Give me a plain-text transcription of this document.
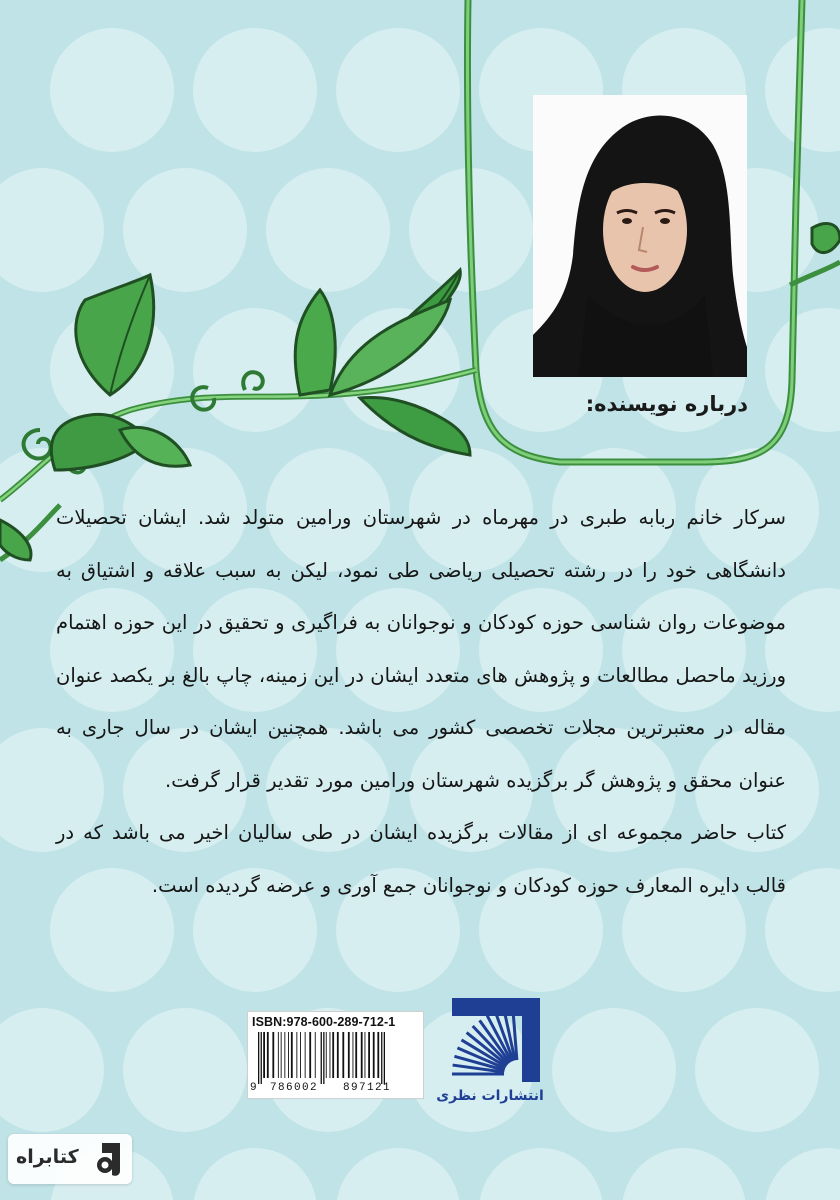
درباره نویسنده:

سرکار خانم ربابه طبری در مهرماه در شهرستان ورامین متولد شد. ایشان تحصیلات دانشگاهی خود را در رشته تحصیلی ریاضی طی نمود، لیکن به سبب علاقه و اشتیاق به موضوعات روان شناسی حوزه کودکان و نوجوانان به فراگیری و تحقیق در این حوزه اهتمام ورزید ماحصل مطالعات و پژوهش های متعدد ایشان در این زمینه، چاپ بالغ بر یکصد عنوان مقاله در معتبرترین مجلات تخصصی کشور می باشد. همچنین ایشان در سال جاری به عنوان محقق و پژوهش گر برگزیده شهرستان ورامین مورد تقدیر قرار گرفت.

کتاب حاضر مجموعه ای از مقالات برگزیده ایشان در طی سالیان اخیر می باشد که در قالب دایره المعارف حوزه کودکان و نوجوانان جمع آوری و عرضه گردیده است.

ISBN:978-600-289-712-1
9 786002 897121	انتشارات نظری
کتابراه
